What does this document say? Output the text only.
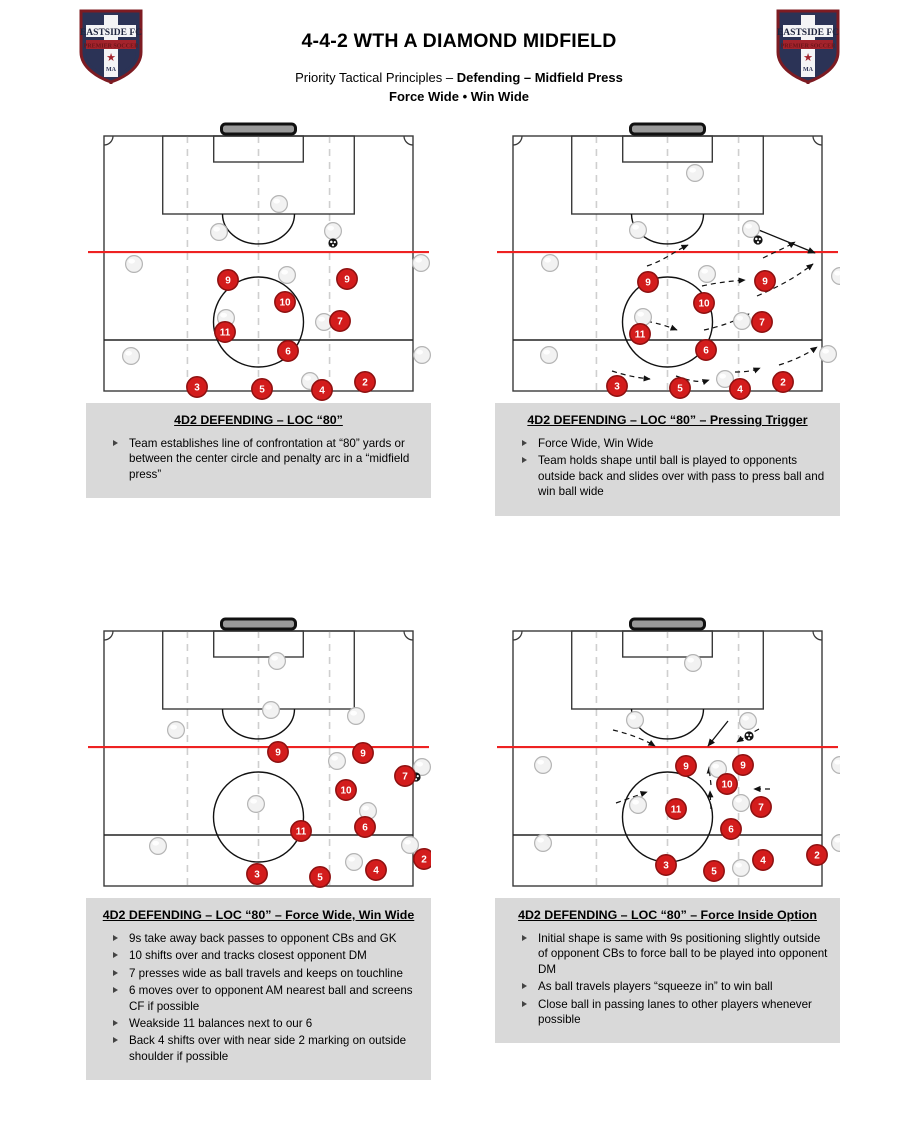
EASTSIDE FC
PREMIER SOCCER
★
MA
4-4-2 WTH A DIAMOND MIDFIELD
Priority Tactical Principles – Defending – Midfield Press
Force Wide • Win Wide
EASTSIDE FC
PREMIER SOCCER
★
MA
9	9
10
7
11
6
3	5	4
2
4D2 DEFENDING – LOC “80”
Team establishes line of confrontation at “80” yards or between the center circle and penalty arc in a “midfield press”
9	9
10
7
11
6
3	5	4
2
4D2 DEFENDING – LOC “80” – Pressing Trigger
Force Wide, Win Wide
Team holds shape until ball is played to opponents outside back and slides over with pass to press ball and win ball wide
9	9
7
10
11	6
3	5
4
2
4D2 DEFENDING – LOC “80” – Force Wide, Win Wide
9s take away back passes to opponent CBs and GK
10 shifts over and tracks closest opponent DM
7 presses wide as ball travels and keeps on touchline
6 moves over to opponent AM nearest ball and screens CF if possible
Weakside 11 balances next to our 6
Back 4 shifts over with near side 2 marking on outside shoulder if possible
9	9
10
11	7
6
3
5
4	2
4D2 DEFENDING – LOC “80” – Force Inside Option
Initial shape is same with 9s positioning slightly outside of opponent CBs to force ball to be played into opponent DM
As ball travels players “squeeze in” to win ball
Close ball in passing lanes to other players whenever possible
